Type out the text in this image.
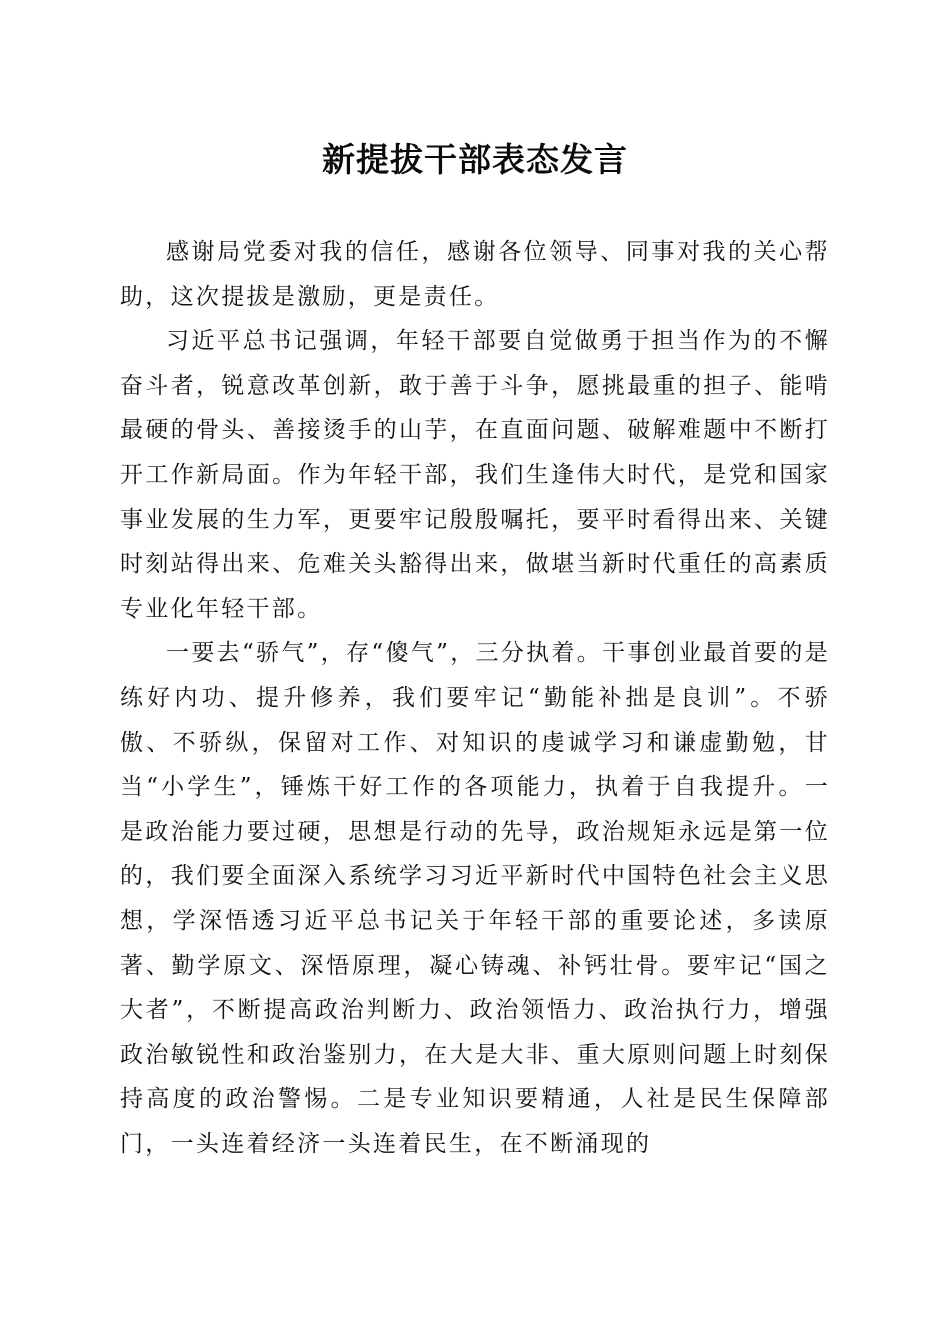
新提拔干部表态发言

感谢局党委对我的信任，感谢各位领导、同事对我的关心帮助，这次提拔是激励，更是责任。

习近平总书记强调，年轻干部要自觉做勇于担当作为的不懈奋斗者，锐意改革创新，敢于善于斗争，愿挑最重的担子、能啃最硬的骨头、善接烫手的山芋，在直面问题、破解难题中不断打开工作新局面。作为年轻干部，我们生逢伟大时代，是党和国家事业发展的生力军，更要牢记殷殷嘱托，要平时看得出来、关键时刻站得出来、危难关头豁得出来，做堪当新时代重任的高素质专业化年轻干部。

一要去“骄气”，存“傻气”，三分执着。干事创业最首要的是练好内功、提升修养，我们要牢记“勤能补拙是良训”。不骄傲、不骄纵，保留对工作、对知识的虔诚学习和谦虚勤勉，甘当“小学生”，锤炼干好工作的各项能力，执着于自我提升。一是政治能力要过硬，思想是行动的先导，政治规矩永远是第一位的，我们要全面深入系统学习习近平新时代中国特色社会主义思想，学深悟透习近平总书记关于年轻干部的重要论述，多读原著、勤学原文、深悟原理，凝心铸魂、补钙壮骨。要牢记“国之大者”，不断提高政治判断力、政治领悟力、政治执行力，增强政治敏锐性和政治鉴别力，在大是大非、重大原则问题上时刻保持高度的政治警惕。二是专业知识要精通，人社是民生保障部门，一头连着经济一头连着民生，在不断涌现的
